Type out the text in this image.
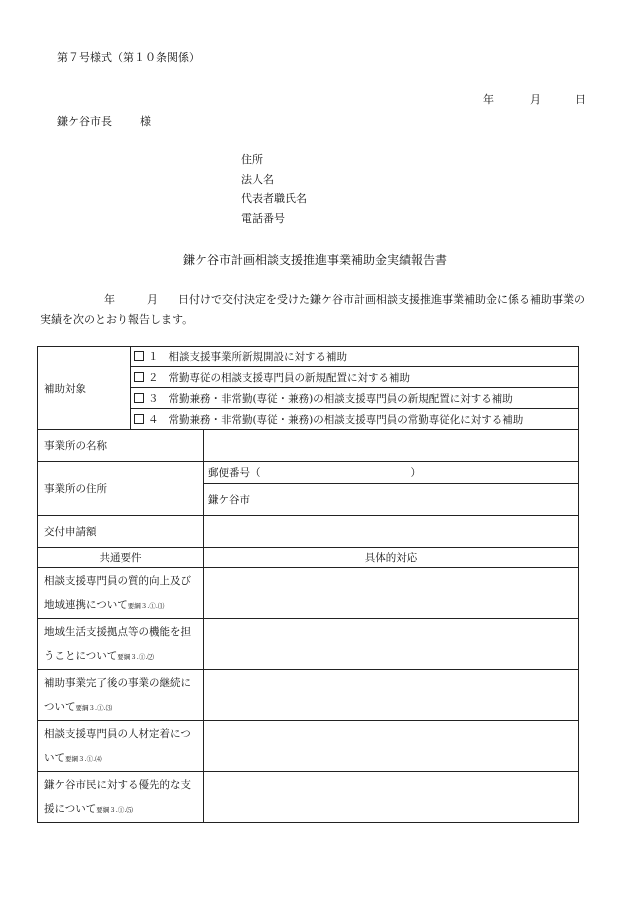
第７号様式（第１０条関係）
年	月	日
鎌ケ谷市長	様
住所
法人名
代表者職氏名
電話番号
鎌ケ谷市計画相談支援推進事業補助金実績報告書
年	月 日付けで交付決定を受けた鎌ケ谷市計画相談支援推進事業補助金に係る補助事業の実績を次のとおり報告します。
補助対象	１ 相談支援事業所新規開設に対する補助	
	２ 常勤専従の相談支援専門員の新規配置に対する補助	
	３ 常勤兼務・非常勤(専従・兼務)の相談支援専門員の新規配置に対する補助	
	４ 常勤兼務・非常勤(専従・兼務)の相談支援専門員の常勤専従化に対する補助	
事業所の名称		
事業所の住所		郵便番号（ ）
		鎌ケ谷市
交付申請額		
共通要件		具体的対応
相談支援専門員の質的向上及び地域連携について要綱３.①.⑴		
地域生活支援拠点等の機能を担うことについて要綱３.①.⑵		
補助事業完了後の事業の継続について要綱３.①.⑶		
相談支援専門員の人材定着について要綱３.①.⑷		
鎌ケ谷市民に対する優先的な支援について要綱３.①.⑸		
